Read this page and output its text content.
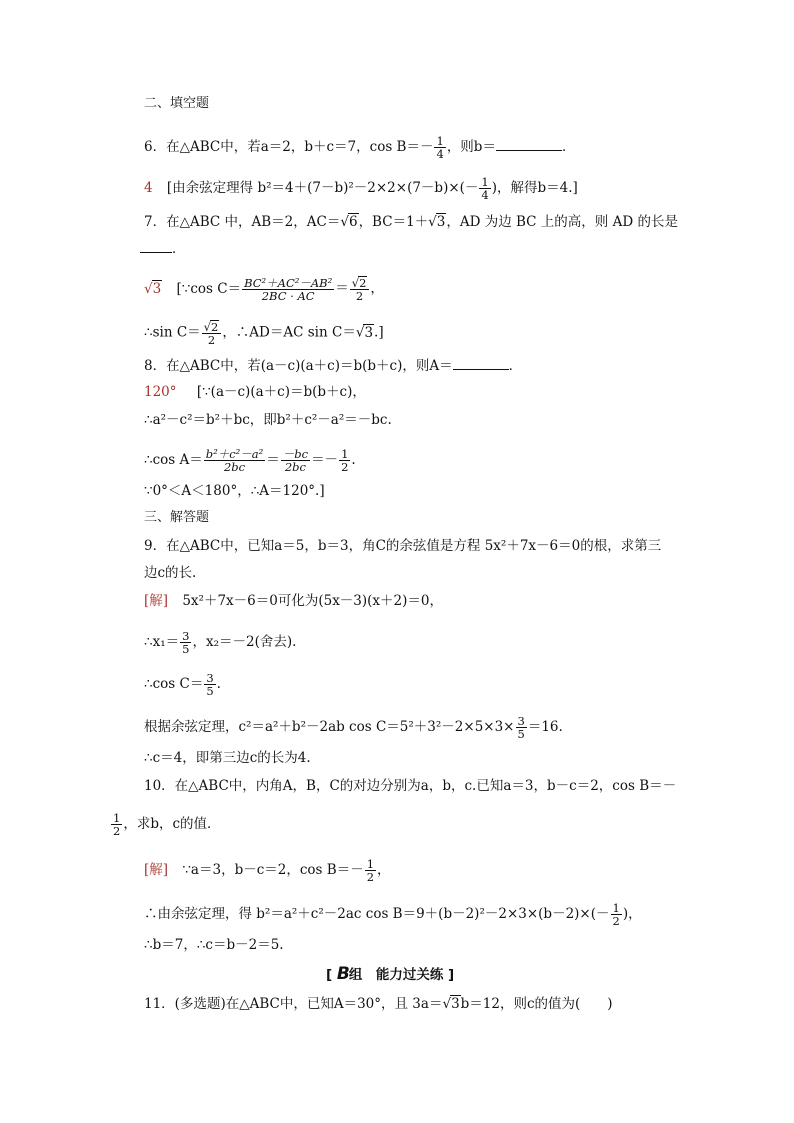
二、填空题
6．在△ABC中，若a＝2，b＋c＝7，$\cos B=- \frac{1}{4}$ ，则b＝	．
4 [由余弦定理得 $b^2=4+(7-b)^2-2\times 2\times(7-b)\times(- \frac{1}{4}$ )，解得b＝4.]
7．在△ABC 中，AB＝2，AC＝√6，BC＝1＋√3，AD 为边 BC 上的高，则 AD 的长是
．
√3 [∵cos $C= \frac{\text{BC²＋AC²－AB²}}{2BC \cdot AC} = \frac{√2}{2}$ ，
∴sin $C= \frac{√2}{2}$ ，∴AD＝AC sin C＝√3.]
8．在△ABC中，若(a－c)(a＋c)＝b(b＋c)，则A＝	．
120° [∵(a－c)(a＋c)＝b(b＋c)，
∴a²－c²＝b²＋bc，即b²＋c²－a²＝－bc.
∴cos $A= \frac{\text{b²＋c²－a²}}{2bc} = \frac{-bc}{2bc} =- \frac{1}{2}$ .
∵0°＜A＜180°，∴A＝120°.]
三、解答题
9．在△ABC中，已知a＝5，b＝3，角C的余弦值是方程 5x²＋7x－6＝0的根，求第三
边c的长.
[解] 5x²＋7x－6＝0可化为(5x－3)(x＋2)＝0，
∴x₁＝ $\frac{3}{5}$ ，x₂＝－2(舍去).
∴cos $C= \frac{3}{5}$ .
根据余弦定理，c²＝a²＋b²－2ab $\cos C=5^2+3^2-2\times 5\times 3\times \frac{3}{5} =16$.
∴c＝4，即第三边c的长为4.
10．在△ABC中，内角A，B，C的对边分别为a，b，c.已知a＝3，b－c＝2，cos B＝－
$\frac{1}{2}$ ，求b，c的值．
[解] ∵a＝3，b－c＝2，$\cos B=- \frac{1}{2}$ ，
∴由余弦定理，得 b²＝a²＋c²－2ac $\cos B=9+(b-2)^2-2\times 3\times(b-2)\times(- \frac{1}{2}$ )，
∴b＝7，∴c＝b－2＝5.
[ B组　能力过关练 ]
11．(多选题)在△ABC中，已知A＝30°，且 3a＝√3b＝12，则c的值为(　　)
